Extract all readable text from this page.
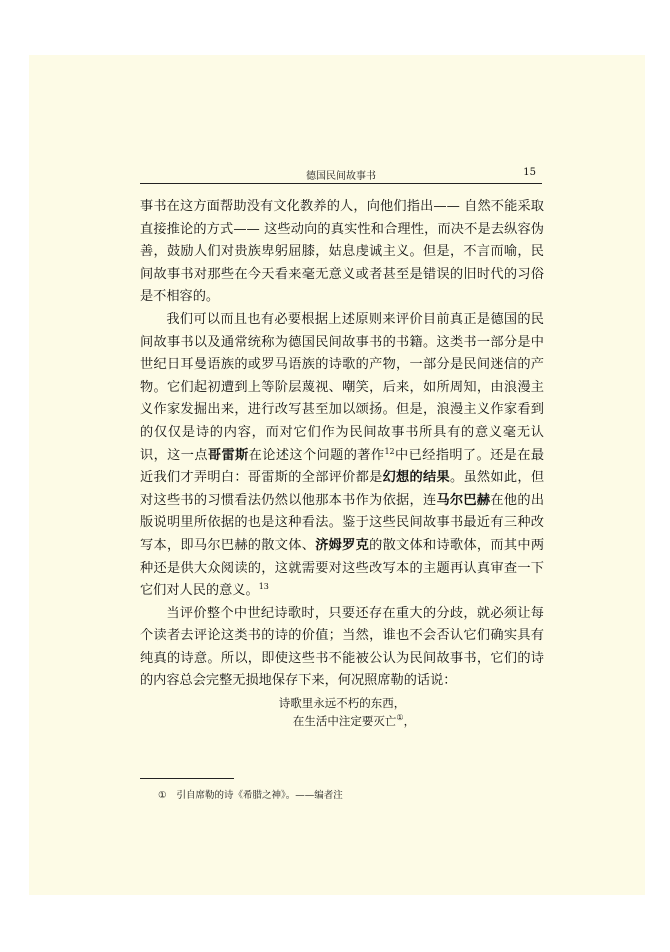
德国民间故事书	15

事书在这方面帮助没有文化教养的人，向他们指出—— 自然不能采取直接推论的方式—— 这些动向的真实性和合理性，而决不是去纵容伪善，鼓励人们对贵族卑躬屈膝，姑息虔诚主义。但是，不言而喻，民间故事书对那些在今天看来毫无意义或者甚至是错误的旧时代的习俗是不相容的。

我们可以而且也有必要根据上述原则来评价目前真正是德国的民间故事书以及通常统称为德国民间故事书的书籍。这类书一部分是中世纪日耳曼语族的或罗马语族的诗歌的产物，一部分是民间迷信的产物。它们起初遭到上等阶层蔑视、嘲笑，后来，如所周知，由浪漫主义作家发掘出来，进行改写甚至加以颂扬。但是，浪漫主义作家看到的仅仅是诗的内容，而对它们作为民间故事书所具有的意义毫无认识，这一点哥雷斯在论述这个问题的著作$^{12}$中已经指明了。还是在最近我们才弄明白：哥雷斯的全部评价都是幻想的结果。虽然如此，但对这些书的习惯看法仍然以他那本书作为依据，连马尔巴赫在他的出版说明里所依据的也是这种看法。鉴于这些民间故事书最近有三种改写本，即马尔巴赫的散文体、济姆罗克的散文体和诗歌体，而其中两种还是供大众阅读的，这就需要对这些改写本的主题再认真审查一下它们对人民的意义。$^{13}$

当评价整个中世纪诗歌时，只要还存在重大的分歧，就必须让每个读者去评论这类书的诗的价值；当然，谁也不会否认它们确实具有纯真的诗意。所以，即使这些书不能被公认为民间故事书，它们的诗的内容总会完整无损地保存下来，何况照席勒的话说：

诗歌里永远不朽的东西，
在生活中注定要灭亡①，
① 引自席勒的诗《希腊之神》。——编者注
